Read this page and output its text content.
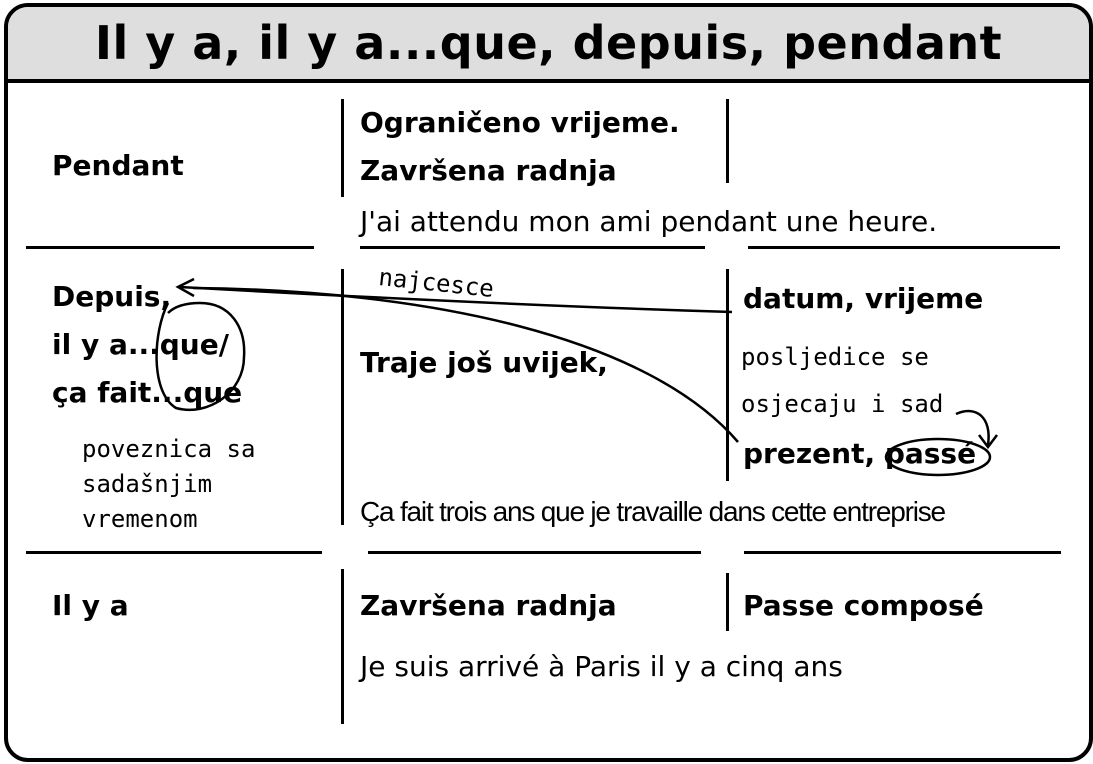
Il y a, il y a...que, depuis, pendant
Pendant
Ograničeno vrijeme.
Završena radnja
J'ai attendu mon ami pendant une heure.
Depuis,
il y a...que/
ça fait...que
Traje još uvijek,
datum, vrijeme
prezent, passé
Ça fait trois ans que je travaille dans cette entreprise
Il y a	Završena radnja	Passe composé
Je suis arrivé à Paris il y a cinq ans
najcesce
poveznica sa
sadašnjim
vremenom
posljedice se
osjecaju i sad
